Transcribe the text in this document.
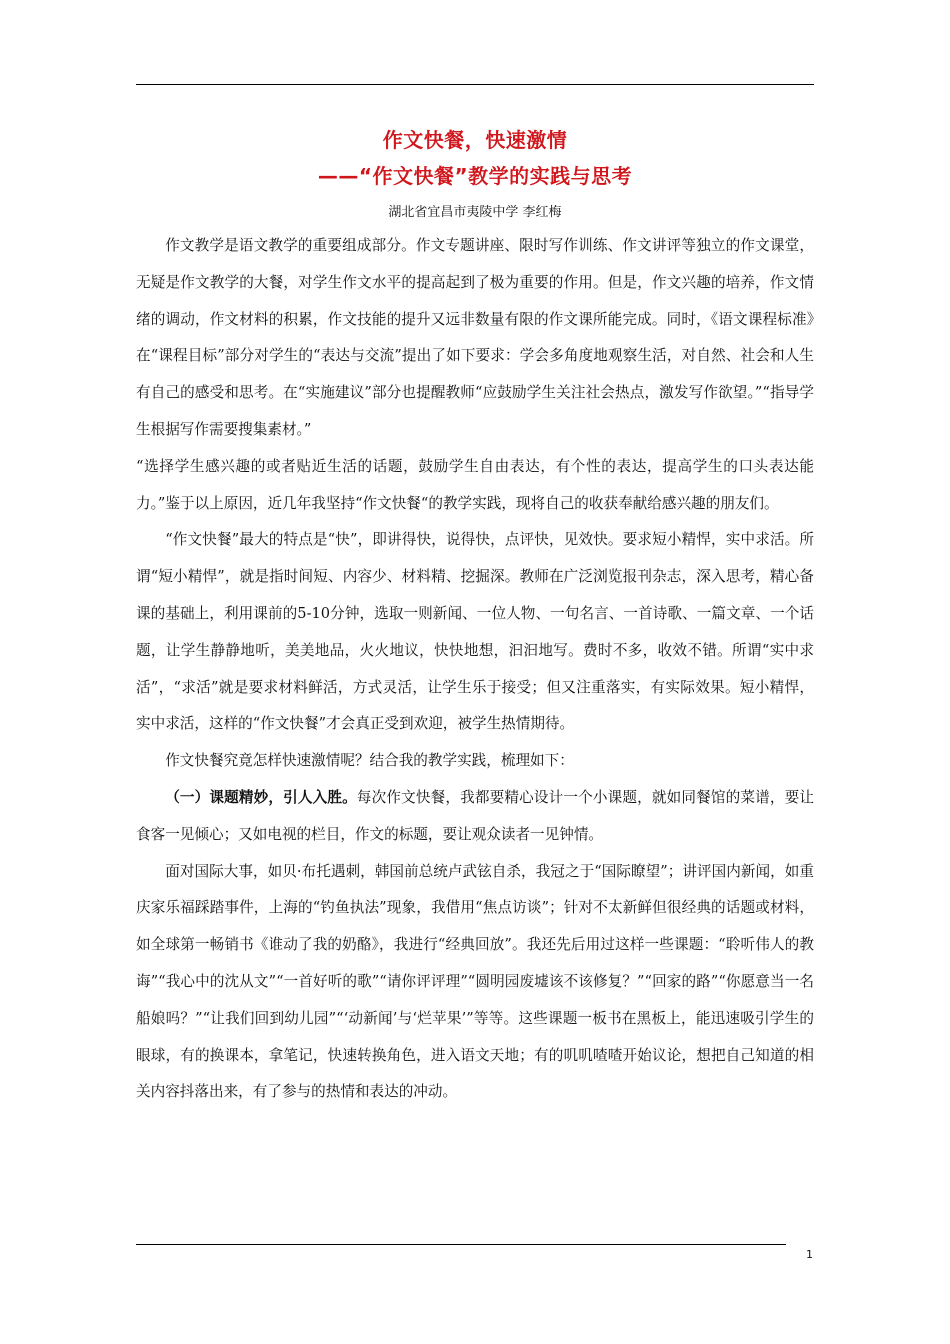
作文快餐，快速激情
——“作文快餐”教学的实践与思考
湖北省宜昌市夷陵中学 李红梅

作文教学是语文教学的重要组成部分。作文专题讲座、限时写作训练、作文讲评等独立的作文课堂，无疑是作文教学的大餐，对学生作文水平的提高起到了极为重要的作用。但是，作文兴趣的培养，作文情绪的调动，作文材料的积累，作文技能的提升又远非数量有限的作文课所能完成。同时，《语文课程标准》在“课程目标”部分对学生的“表达与交流”提出了如下要求：学会多角度地观察生活，对自然、社会和人生有自己的感受和思考。在“实施建议”部分也提醒教师“应鼓励学生关注社会热点，激发写作欲望。”“指导学生根据写作需要搜集素材。”

“选择学生感兴趣的或者贴近生活的话题，鼓励学生自由表达，有个性的表达，提高学生的口头表达能力。”鉴于以上原因，近几年我坚持“作文快餐“的教学实践，现将自己的收获奉献给感兴趣的朋友们。

“作文快餐”最大的特点是“快”，即讲得快，说得快，点评快，见效快。要求短小精悍，实中求活。所谓“短小精悍”，就是指时间短、内容少、材料精、挖掘深。教师在广泛浏览报刊杂志，深入思考，精心备课的基础上，利用课前的5-10分钟，选取一则新闻、一位人物、一句名言、一首诗歌、一篇文章、一个话题，让学生静静地听，美美地品，火火地议，快快地想，汩汩地写。费时不多，收效不错。所谓“实中求活”，“求活”就是要求材料鲜活，方式灵活，让学生乐于接受；但又注重落实，有实际效果。短小精悍，实中求活，这样的“作文快餐”才会真正受到欢迎，被学生热情期待。

作文快餐究竟怎样快速激情呢？结合我的教学实践，梳理如下：

（一）课题精妙，引人入胜。每次作文快餐，我都要精心设计一个小课题，就如同餐馆的菜谱，要让食客一见倾心；又如电视的栏目，作文的标题，要让观众读者一见钟情。

面对国际大事，如贝·布托遇刺，韩国前总统卢武铉自杀，我冠之于“国际瞭望”；讲评国内新闻，如重庆家乐福踩踏事件，上海的“钓鱼执法”现象，我借用“焦点访谈”；针对不太新鲜但很经典的话题或材料，如全球第一畅销书《谁动了我的奶酪》，我进行“经典回放”。我还先后用过这样一些课题：“聆听伟人的教诲”“我心中的沈从文”“一首好听的歌”“请你评评理”“圆明园废墟该不该修复？”“回家的路”“你愿意当一名船娘吗？”“让我们回到幼儿园”“‘动新闻’与‘烂苹果’”等等。这些课题一板书在黑板上，能迅速吸引学生的眼球，有的换课本，拿笔记，快速转换角色，进入语文天地；有的叽叽喳喳开始议论，想把自己知道的相关内容抖落出来，有了参与的热情和表达的冲动。

1
